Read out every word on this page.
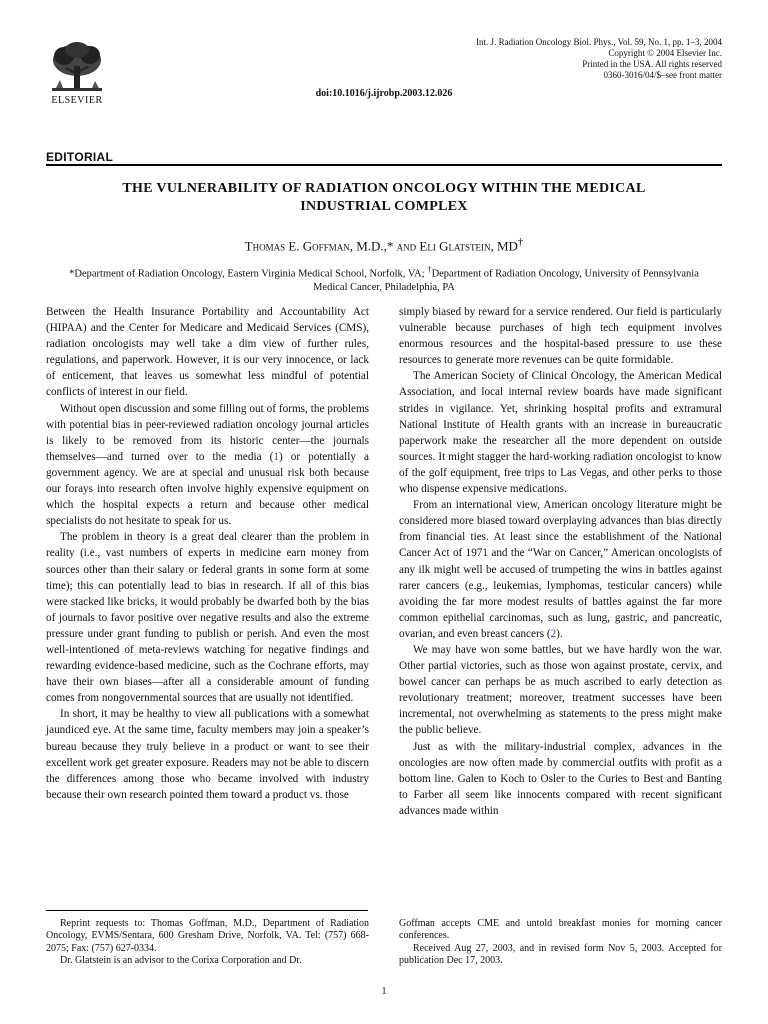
ELSEVIER
Int. J. Radiation Oncology Biol. Phys., Vol. 59, No. 1, pp. 1–3, 2004
Copyright © 2004 Elsevier Inc.
Printed in the USA. All rights reserved
0360-3016/04/$–see front matter
doi:10.1016/j.ijrobp.2003.12.026
EDITORIAL
THE VULNERABILITY OF RADIATION ONCOLOGY WITHIN THE MEDICAL INDUSTRIAL COMPLEX
Thomas E. Goffman, M.D.,* and Eli Glatstein, MD†
*Department of Radiation Oncology, Eastern Virginia Medical School, Norfolk, VA; †Department of Radiation Oncology, University of Pennsylvania Medical Cancer, Philadelphia, PA

Between the Health Insurance Portability and Accountability Act (HIPAA) and the Center for Medicare and Medicaid Services (CMS), radiation oncologists may well take a dim view of further rules, regulations, and paperwork. However, it is our very innocence, or lack of enticement, that leaves us somewhat less mindful of potential conflicts of interest in our field.

Without open discussion and some filling out of forms, the problems with potential bias in peer-reviewed radiation oncology journal articles is likely to be removed from its historic center—the journals themselves—and turned over to the media (1) or potentially a government agency. We are at special and unusual risk both because our forays into research often involve highly expensive equipment on which the hospital expects a return and because other medical specialists do not hesitate to speak for us.

The problem in theory is a great deal clearer than the problem in reality (i.e., vast numbers of experts in medicine earn money from sources other than their salary or federal grants in some form at some time); this can potentially lead to bias in research. If all of this bias were stacked like bricks, it would probably be dwarfed both by the bias of journals to favor positive over negative results and also the extreme pressure under grant funding to publish or perish. And even the most well-intentioned of meta-reviews watching for negative findings and rewarding evidence-based medicine, such as the Cochrane efforts, may have their own biases—after all a considerable amount of funding comes from nongovernmental sources that are usually not identified.

In short, it may be healthy to view all publications with a somewhat jaundiced eye. At the same time, faculty members may join a speaker’s bureau because they truly believe in a product or want to see their excellent work get greater exposure. Readers may not be able to discern the differences among those who became involved with industry because their own research pointed them toward a product vs. those

simply biased by reward for a service rendered. Our field is particularly vulnerable because purchases of high tech equipment involves enormous resources and the hospital-based pressure to use these resources to generate more revenues can be quite formidable.

The American Society of Clinical Oncology, the American Medical Association, and local internal review boards have made significant strides in vigilance. Yet, shrinking hospital profits and extramural National Institute of Health grants with an increase in bureaucratic paperwork make the researcher all the more dependent on outside sources. It might stagger the hard-working radiation oncologist to know of the golf equipment, free trips to Las Vegas, and other perks to those who dispense expensive medications.

From an international view, American oncology literature might be considered more biased toward overplaying advances than bias directly from financial ties. At least since the establishment of the National Cancer Act of 1971 and the “War on Cancer,” American oncologists of any ilk might well be accused of trumpeting the wins in battles against rarer cancers (e.g., leukemias, lymphomas, testicular cancers) while avoiding the far more modest results of battles against the far more common epithelial carcinomas, such as lung, gastric, and pancreatic, ovarian, and even breast cancers (2).

We may have won some battles, but we have hardly won the war. Other partial victories, such as those won against prostate, cervix, and bowel cancer can perhaps be as much ascribed to early detection as revolutionary treatment; moreover, treatment successes have been incremental, not overwhelming as statements to the press might make the public believe.

Just as with the military-industrial complex, advances in the oncologies are now often made by commercial outfits with profit as a bottom line. Galen to Koch to Osler to the Curies to Best and Banting to Farber all seem like innocents compared with recent significant advances made within

Reprint requests to: Thomas Goffman, M.D., Department of Radiation Oncology, EVMS/Sentara, 600 Gresham Drive, Norfolk, VA. Tel: (757) 668-2075; Fax: (757) 627-0334.

Dr. Glatstein is an advisor to the Corixa Corporation and Dr.

Goffman accepts CME and untold breakfast monies for morning cancer conferences.

Received Aug 27, 2003, and in revised form Nov 5, 2003. Accepted for publication Dec 17, 2003.

1
